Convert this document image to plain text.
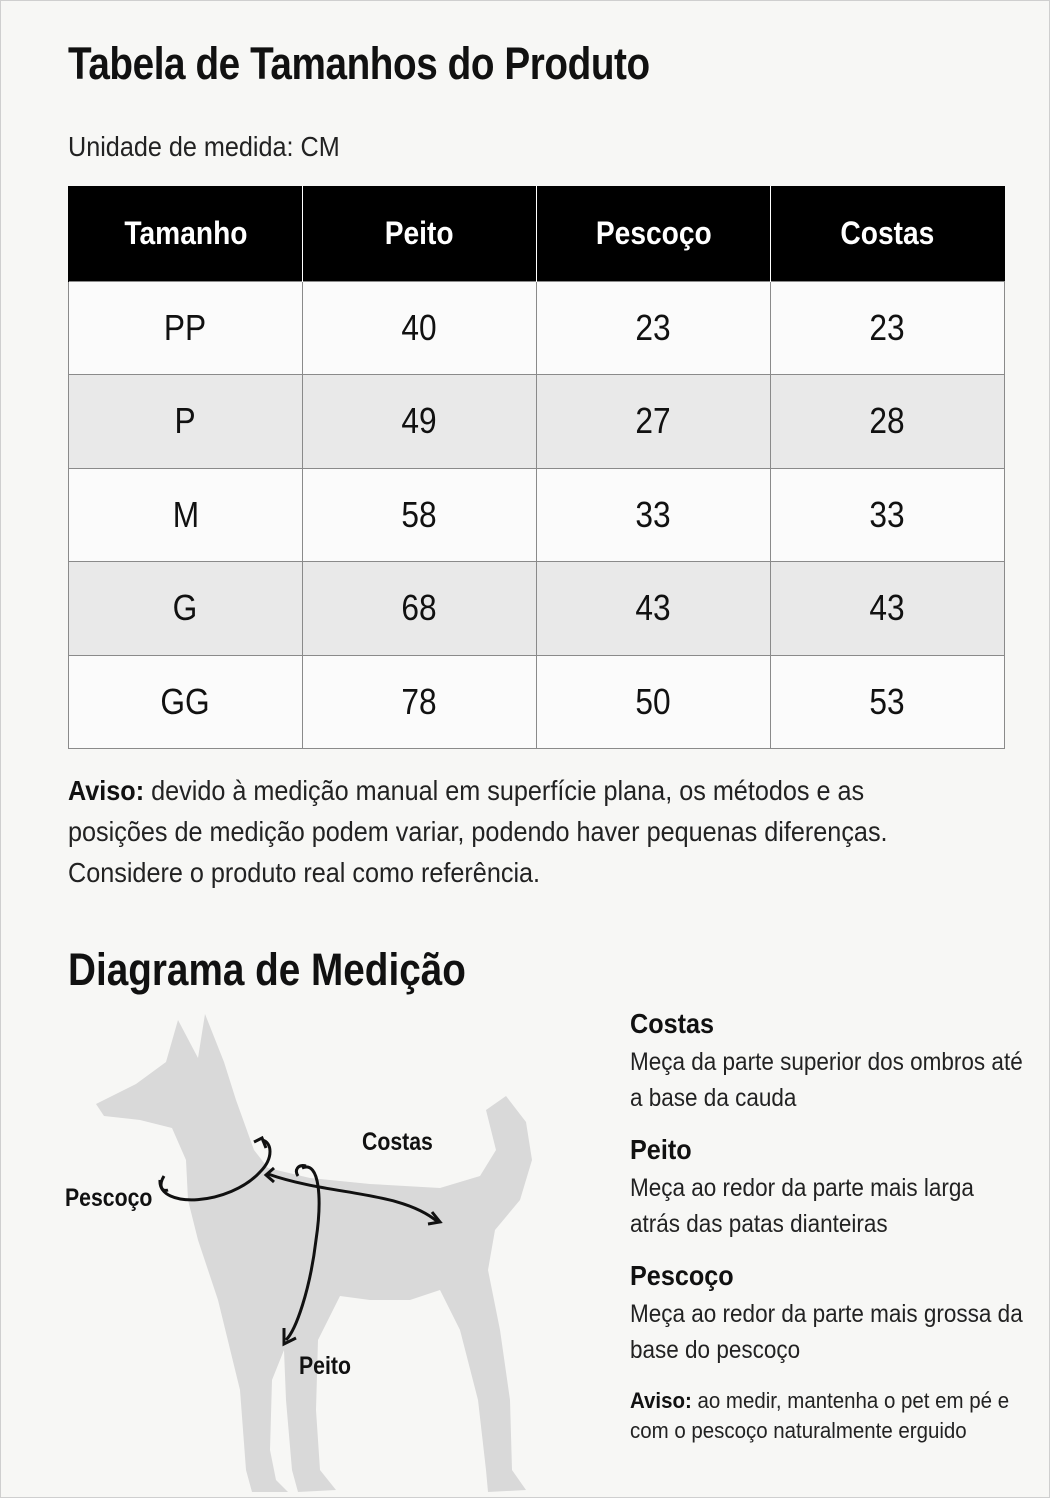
Tabela de Tamanhos do Produto
Unidade de medida: CM
Tamanho	Peito	Pescoço	Costas
PP	40	23	23
P	49	27	28
M	58	33	33
G	68	43	43
GG	78	50	53
Aviso: devido à medição manual em superfície plana, os métodos e as posições de medição podem variar, podendo haver pequenas diferenças. Considere o produto real como referência.
Diagrama de Medição
Pescoço
Costas
Peito
Costas

Meça da parte superior dos ombros até a base da cauda

Peito

Meça ao redor da parte mais larga atrás das patas dianteiras

Pescoço

Meça ao redor da parte mais grossa da base do pescoço

Aviso: ao medir, mantenha o pet em pé e com o pescoço naturalmente erguido
